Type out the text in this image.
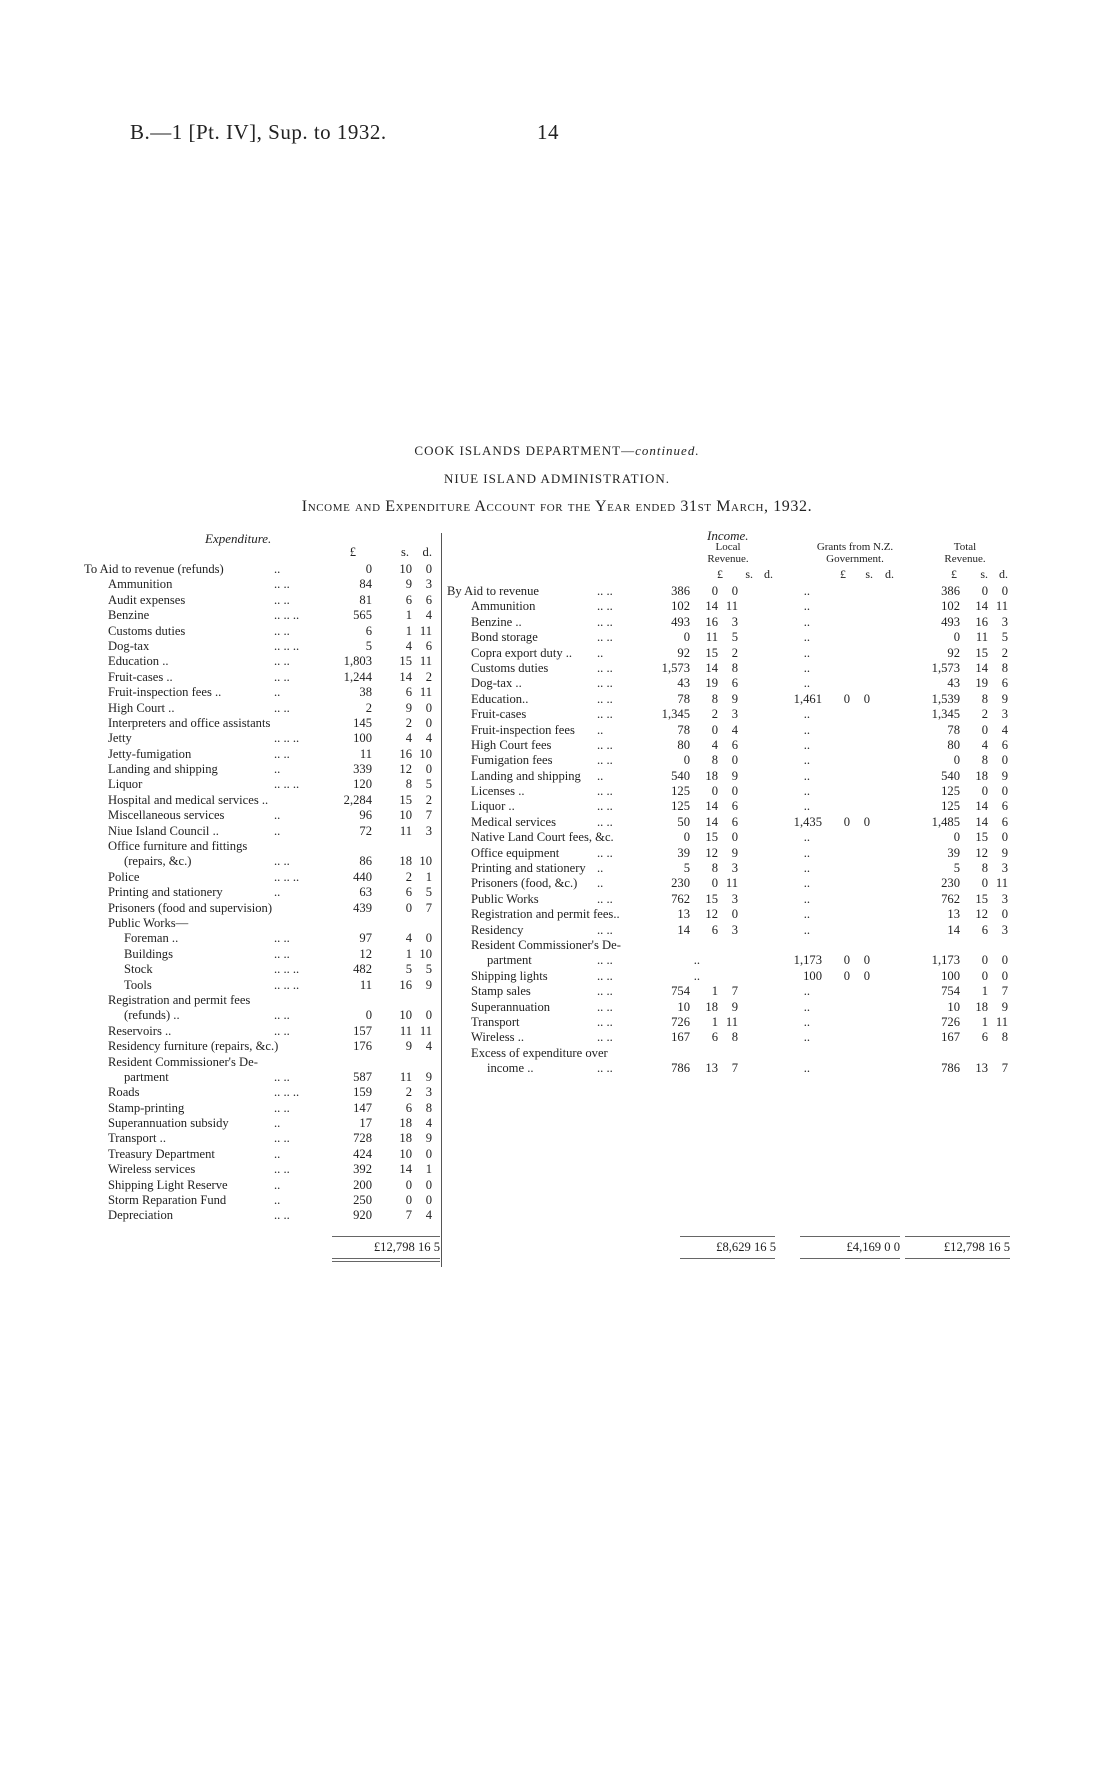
B.—1 [Pt. IV], Sup. to 1932.	14
COOK ISLANDS DEPARTMENT—continued.
NIUE ISLAND ADMINISTRATION.
Income and Expenditure Account for the Year ended 31st March, 1932.
Expenditure.
£	s. d.
To Aid to revenue (refunds)	..	0 10 0
Ammunition	.. ..	84	9 3
Audit expenses	.. ..	81	6 6
Benzine	.. .. ..	565	1 4
Customs duties	.. ..	6	1 11
Dog-tax	.. .. ..	5	4 6
Education ..	.. ..	1,803 15 11
Fruit-cases ..	.. ..	1,244 14 2
Fruit-inspection fees ..	..	38	6 11
High Court ..	.. ..	2	9 0
Interpreters and office assistants	145	2 0
Jetty	.. .. ..	100	4 4
Jetty-fumigation	.. ..	11 16 10
Landing and shipping	..	339 12 0
Liquor	.. .. ..	120	8 5
Hospital and medical services ..	2,284 15 2
Miscellaneous services	..	96 10 7
Niue Island Council ..	..	72 11 3
Office furniture and fittings
(repairs, &c.)	.. ..	86 18 10
Police	.. .. ..	440	2 1
Printing and stationery	..	63	6 5
Prisoners (food and supervision)	439	0 7
Public Works—
Foreman ..	.. ..	97	4 0
Buildings	.. ..	12	1 10
Stock	.. .. ..	482	5 5
Tools	.. .. ..	11 16 9
Registration and permit fees
(refunds) ..	.. ..	0 10 0
Reservoirs ..	.. ..	157 11 11
Residency furniture (repairs, &c.)	176	9 4
Resident Commissioner's De-
partment	.. ..	587 11 9
Roads	.. .. ..	159	2 3
Stamp-printing	.. ..	147	6 8
Superannuation subsidy	..	17 18 4
Transport ..	.. ..	728 18 9
Treasury Department	..	424 10 0
Wireless services	.. ..	392 14 1
Shipping Light Reserve	..	200	0 0
Storm Reparation Fund	..	250	0 0
Depreciation	.. ..	920	7 4
£12,798 16 5
Income.
Local
Revenue.
Grants from N.Z.
Government.
Total
Revenue.
£ s. d.	£ s. d.	£ s. d.
By Aid to revenue	.. ..	386 0 0	..	386 0 0
Ammunition	.. ..	102 14 11	..	102 14 11
Benzine ..	.. ..	493 16 3	..	493 16 3
Bond storage	.. ..	0 11 5	..	0 11 5
Copra export duty .. ..	92 15 2	..	92 15 2
Customs duties	.. ..	1,573 14 8	..	1,573 14 8
Dog-tax ..	.. ..	43 19 6	..	43 19 6
Education..	.. ..	78 8 9	1,461 0 0	1,539 8 9
Fruit-cases	.. ..	1,345 2 3	..	1,345 2 3
Fruit-inspection fees ..	78 0 4	..	78 0 4
High Court fees	.. ..	80 4 6	..	80 4 6
Fumigation fees	.. ..	0 8 0	..	0 8 0
Landing and shipping ..	540 18 9	..	540 18 9
Licenses ..	.. ..	125 0 0	..	125 0 0
Liquor ..	.. ..	125 14 6	..	125 14 6
Medical services	.. ..	50 14 6	1,435 0 0	1,485 14 6
Native Land Court fees, &c.	0 15 0	..	0 15 0
Office equipment	.. ..	39 12 9	..	39 12 9
Printing and stationery ..	5 8 3	..	5 8 3
Prisoners (food, &c.) ..	230 0 11	..	230 0 11
Public Works	.. ..	762 15 3	..	762 15 3
Registration and permit fees..	13 12 0	..	13 12 0
Residency	.. ..	14 6 3	..	14 6 3
Resident Commissioner's De-
partment	.. ..	..	1,173 0 0	1,173 0 0
Shipping lights	.. ..	..	100 0 0	100 0 0
Stamp sales	.. ..	754 1 7	..	754 1 7
Superannuation	.. ..	10 18 9	..	10 18 9
Transport	.. ..	726 1 11	..	726 1 11
Wireless ..	.. ..	167 6 8	..	167 6 8
Excess of expenditure over
income ..	.. ..	786 13 7	..	786 13 7
£8,629 16 5	£4,169 0 0	£12,798 16 5
